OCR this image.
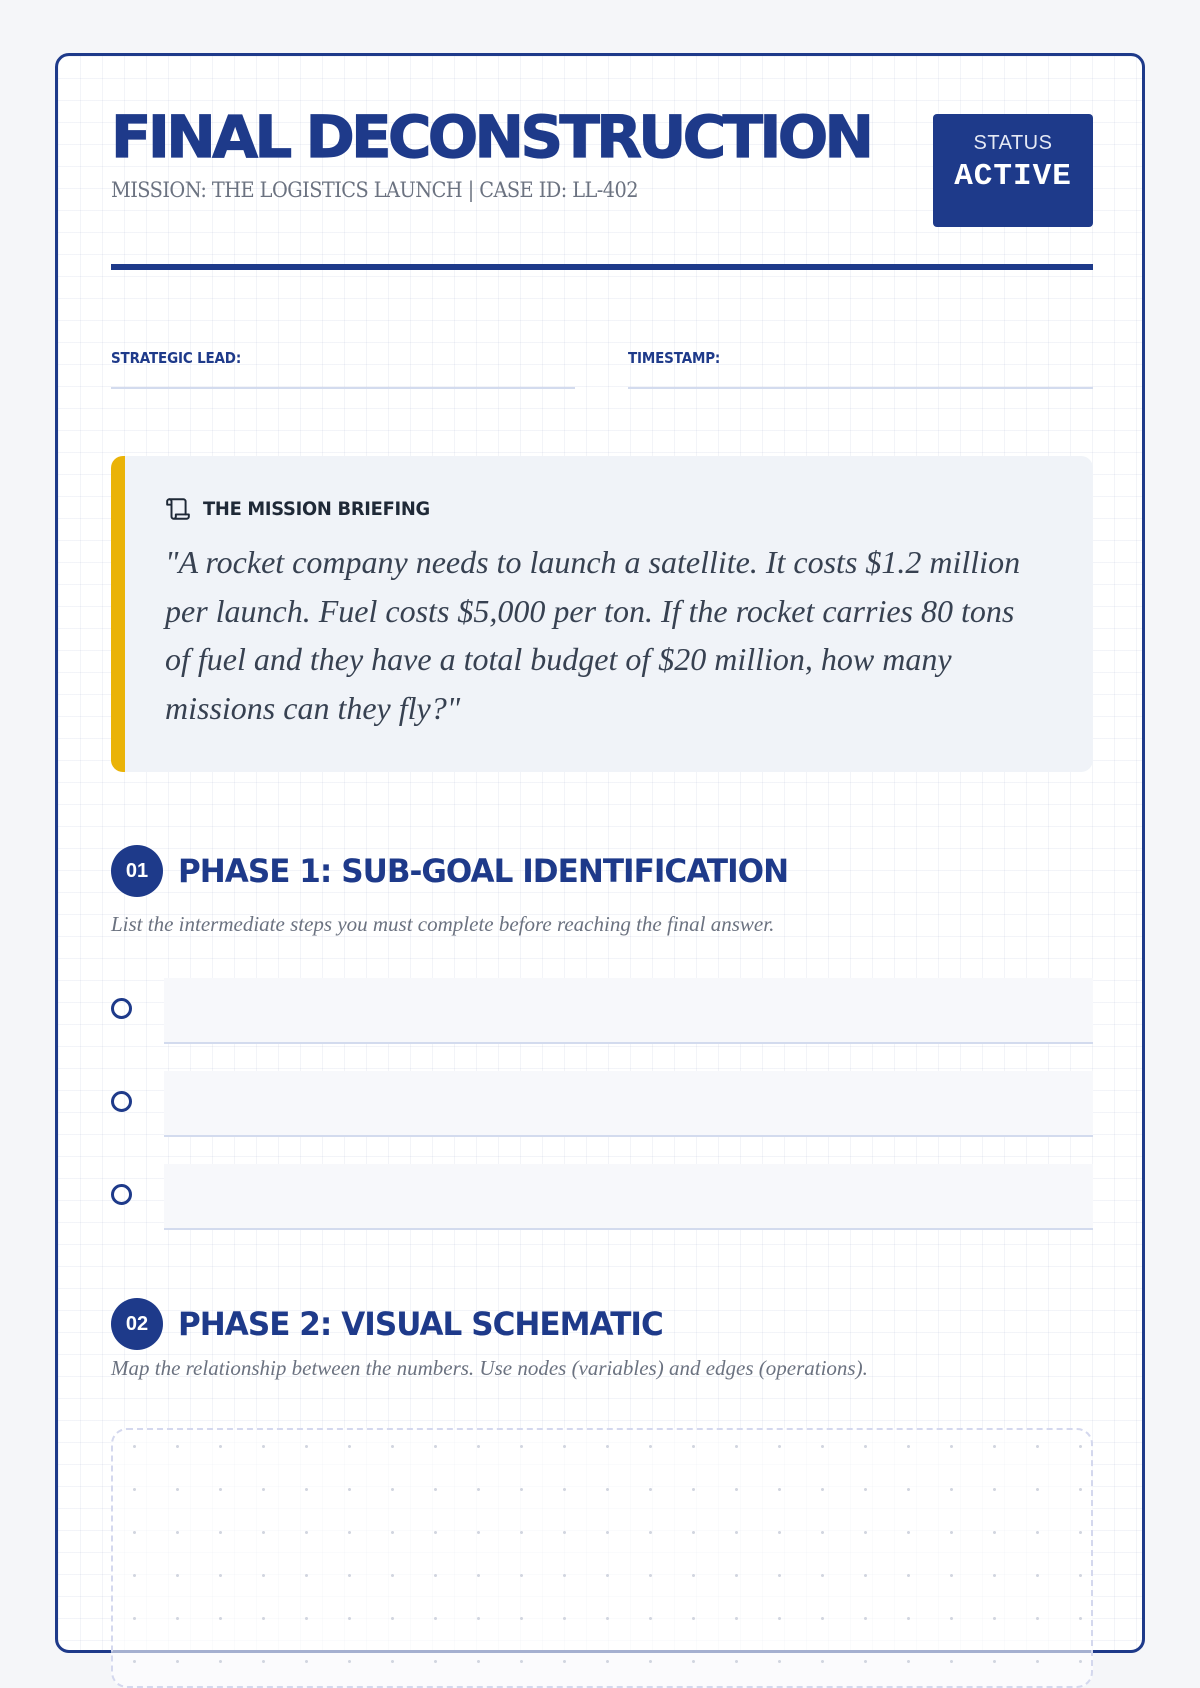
FINAL DECONSTRUCTION
MISSION: THE LOGISTICS LAUNCH | CASE ID: LL-402
STATUS
ACTIVE
STRATEGIC LEAD:	TIMESTAMP:
THE MISSION BRIEFING

"A rocket company needs to launch a satellite. It costs $1.2 million per launch. Fuel costs $5,000 per ton. If the rocket carries 80 tons of fuel and they have a total budget of $20 million, how many missions can they fly?"

01 PHASE 1: SUB-GOAL IDENTIFICATION
List the intermediate steps you must complete before reaching the final answer.
02 PHASE 2: VISUAL SCHEMATIC
Map the relationship between the numbers. Use nodes (variables) and edges (operations).
